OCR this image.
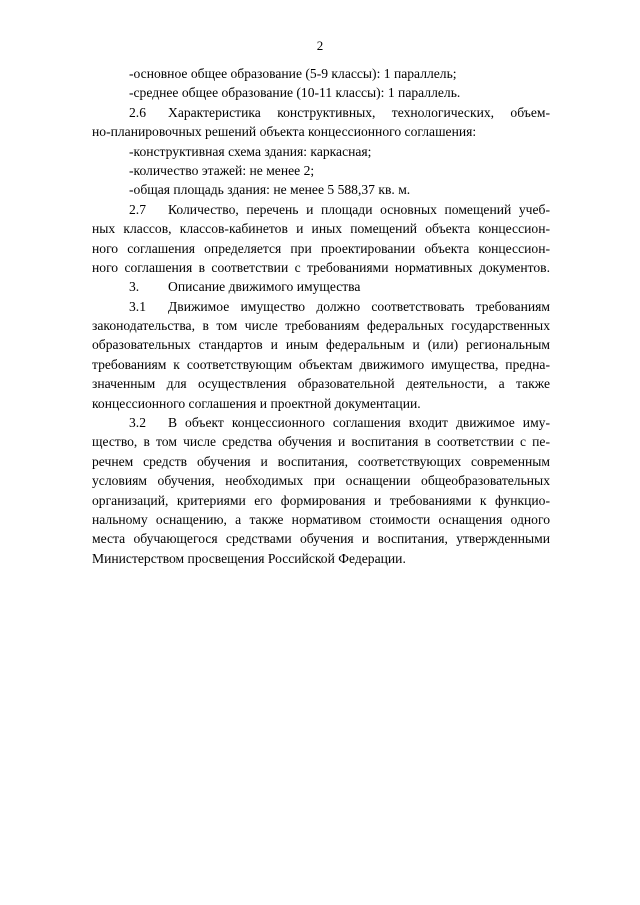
2
-основное общее образование (5-9 классы): 1 параллель;
-среднее общее образование (10-11 классы): 1 параллель.
2.6 Характеристика конструктивных, технологических, объем-
но-планировочных решений объекта концессионного соглашения:
-конструктивная схема здания: каркасная;
-количество этажей: не менее 2;
-общая площадь здания: не менее 5 588,37 кв. м.
2.7 Количество, перечень и площади основных помещений учеб-
ных классов, классов-кабинетов и иных помещений объекта концессион-
ного соглашения определяется при проектировании объекта концессион-
ного соглашения в соответствии с требованиями нормативных документов.
3. Описание движимого имущества
3.1 Движимое имущество должно соответствовать требованиям
законодательства, в том числе требованиям федеральных государственных
образовательных стандартов и иным федеральным и (или) региональным
требованиям к соответствующим объектам движимого имущества, предна-
значенным для осуществления образовательной деятельности, а также
концессионного соглашения и проектной документации.
3.2 В объект концессионного соглашения входит движимое иму-
щество, в том числе средства обучения и воспитания в соответствии с пе-
речнем средств обучения и воспитания, соответствующих современным
условиям обучения, необходимых при оснащении общеобразовательных
организаций, критериями его формирования и требованиями к функцио-
нальному оснащению, а также нормативом стоимости оснащения одного
места обучающегося средствами обучения и воспитания, утвержденными
Министерством просвещения Российской Федерации.
